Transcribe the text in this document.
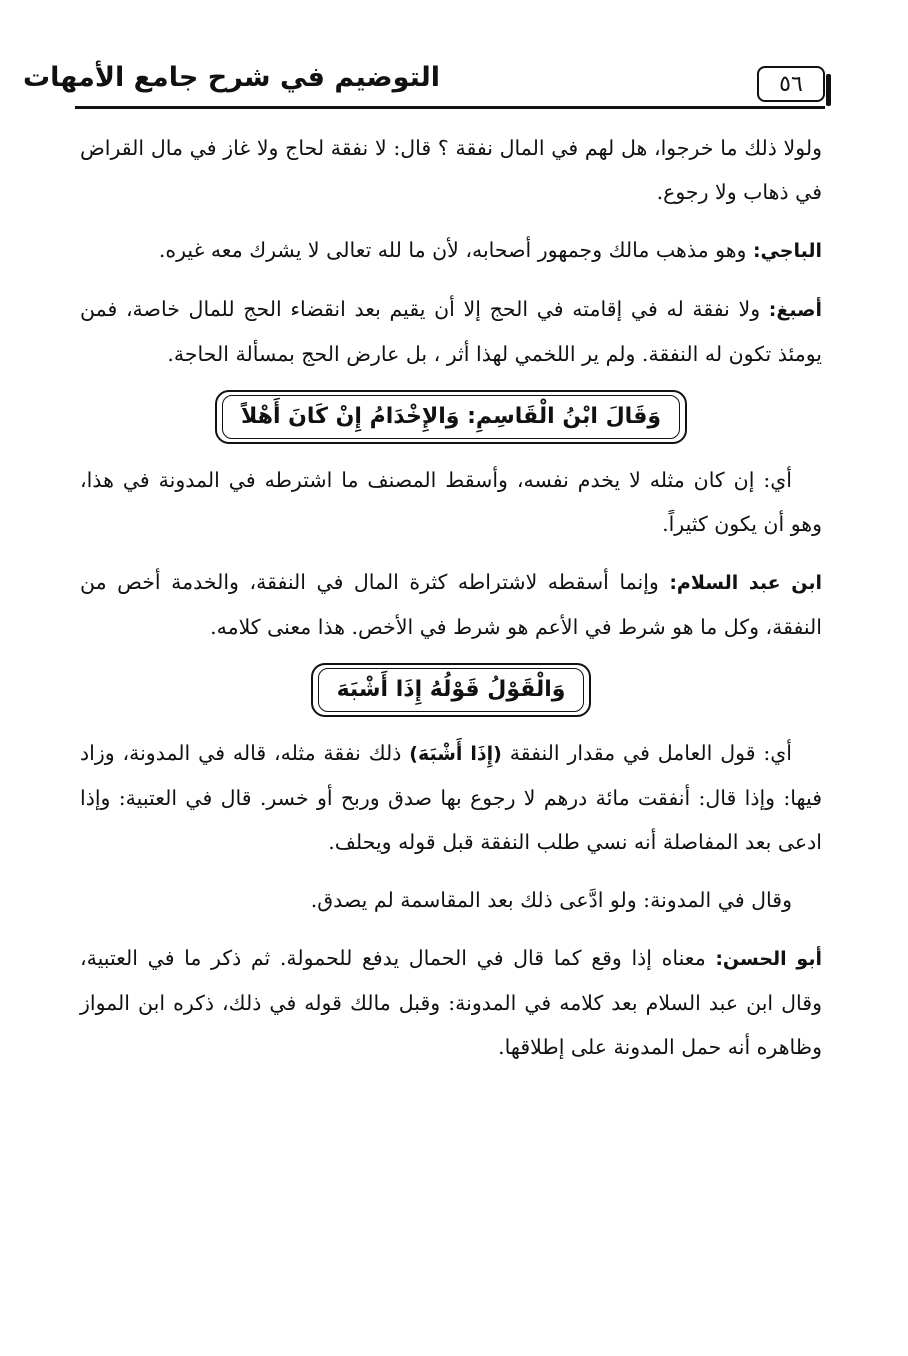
٥٦
التوضيم في شرح جامع الأمهات

ولولا ذلك ما خرجوا، هل لهم في المال نفقة ؟ قال: لا نفقة لحاج ولا غاز في مال القراض في ذهاب ولا رجوع.

الباجي: وهو مذهب مالك وجمهور أصحابه، لأن ما لله تعالى لا يشرك معه غيره.

أصبغ: ولا نفقة له في إقامته في الحج إلا أن يقيم بعد انقضاء الحج للمال خاصة، فمن يومئذ تكون له النفقة. ولم ير اللخمي لهذا أثر ، بل عارض الحج بمسألة الحاجة.

وَقَالَ ابْنُ الْقَاسِمِ: وَالإِخْدَامُ إِنْ كَانَ أَهْلاً

أي: إن كان مثله لا يخدم نفسه، وأسقط المصنف ما اشترطه في المدونة في هذا، وهو أن يكون كثيراً.

ابن عبد السلام: وإنما أسقطه لاشتراطه كثرة المال في النفقة، والخدمة أخص من النفقة، وكل ما هو شرط في الأعم هو شرط في الأخص. هذا معنى كلامه.

وَالْقَوْلُ قَوْلُهُ إِذَا أَشْبَهَ

أي: قول العامل في مقدار النفقة (إِذَا أَشْبَهَ) ذلك نفقة مثله، قاله في المدونة، وزاد فيها: وإذا قال: أنفقت مائة درهم لا رجوع بها صدق وربح أو خسر. قال في العتبية: وإذا ادعى بعد المفاصلة أنه نسي طلب النفقة قبل قوله ويحلف.

وقال في المدونة: ولو ادَّعى ذلك بعد المقاسمة لم يصدق.

أبو الحسن: معناه إذا وقع كما قال في الحمال يدفع للحمولة. ثم ذكر ما في العتبية، وقال ابن عبد السلام بعد كلامه في المدونة: وقبل مالك قوله في ذلك، ذكره ابن المواز وظاهره أنه حمل المدونة على إطلاقها.
